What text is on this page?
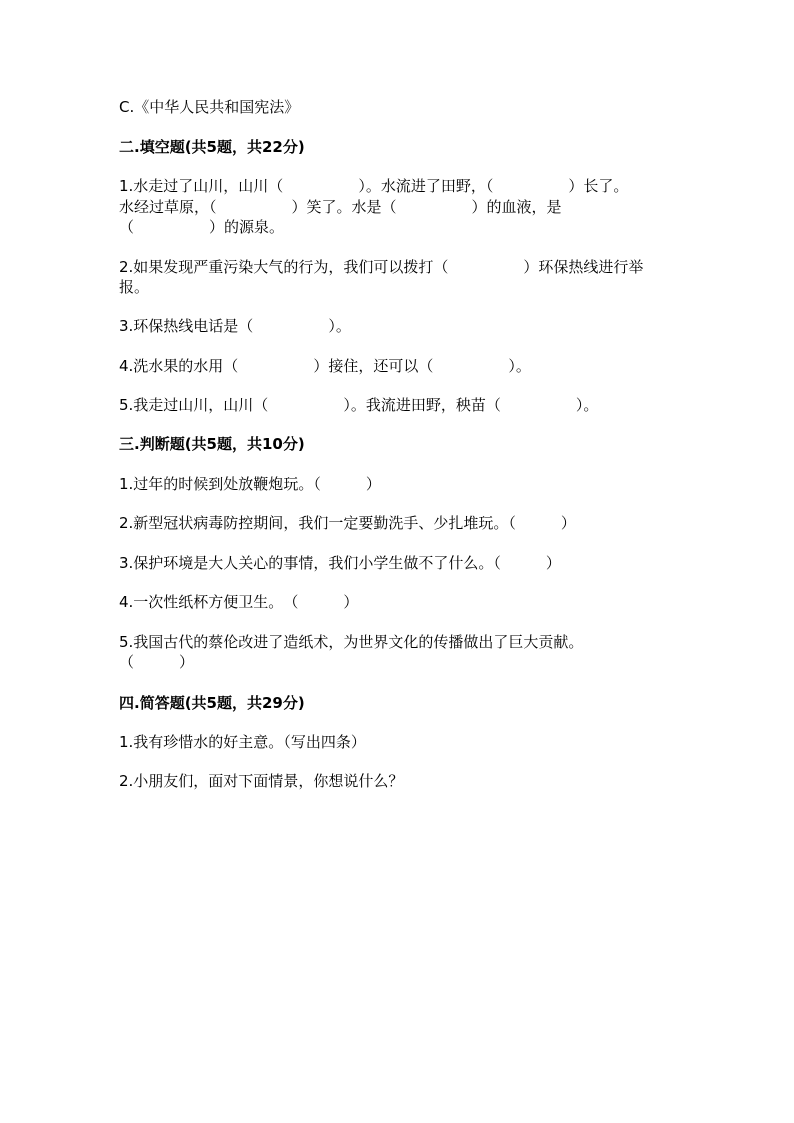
C.《中华人民共和国宪法》

二.填空题(共5题，共22分)

1.水走过了山川，山川（　　　　　）。水流进了田野，（　　　　　）长了。

水经过草原，（　　　　　）笑了。水是（　　　　　）的血液，是

（　　　　　）的源泉。

2.如果发现严重污染大气的行为，我们可以拨打（　　　　　）环保热线进行举

报。

3.环保热线电话是（　　　　　）。

4.洗水果的水用（　　　　　）接住，还可以（　　　　　）。

5.我走过山川，山川（　　　　　）。我流进田野，秧苗（　　　　　）。

三.判断题(共5题，共10分)

1.过年的时候到处放鞭炮玩。（　　　）

2.新型冠状病毒防控期间，我们一定要勤洗手、少扎堆玩。（　　　）

3.保护环境是大人关心的事情，我们小学生做不了什么。（　　　）

4.一次性纸杯方便卫生。　（　　　）

5.我国古代的蔡伦改进了造纸术，为世界文化的传播做出了巨大贡献。

（　　　）

四.简答题(共5题，共29分)

1.我有珍惜水的好主意。（写出四条）

2.小朋友们，面对下面情景，你想说什么？
